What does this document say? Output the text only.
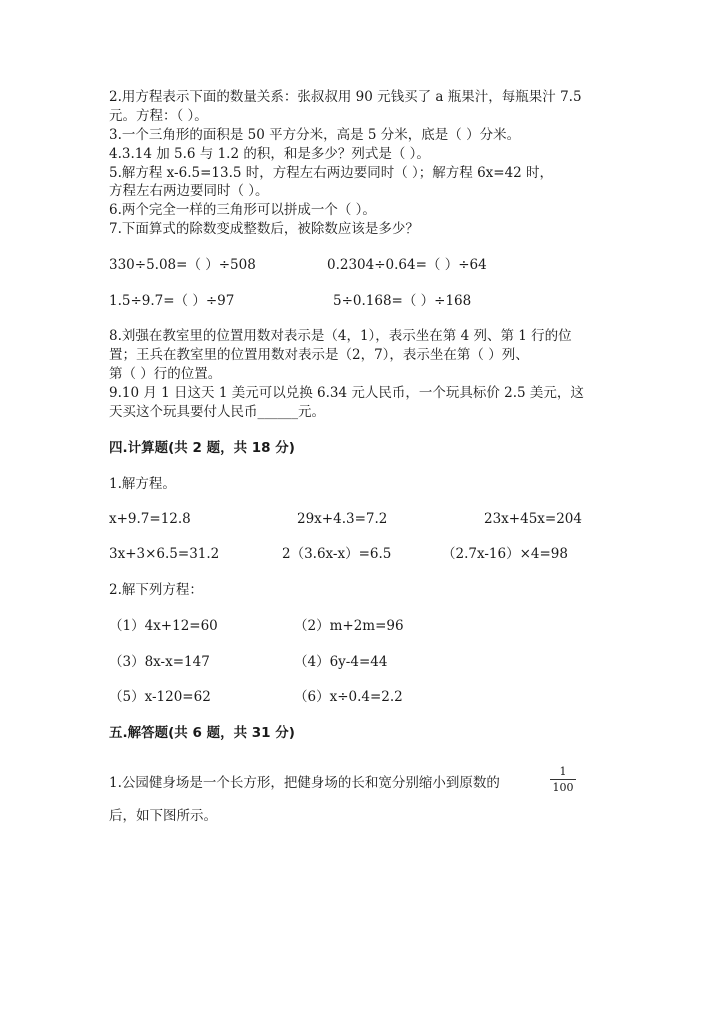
2.用方程表示下面的数量关系：张叔叔用 90 元钱买了 a 瓶果汁，每瓶果汁 7.5
元。方程：（ ）。
3.一个三角形的面积是 50 平方分米，高是 5 分米，底是（ ）分米。
4.3.14 加 5.6 与 1.2 的积，和是多少？列式是（ ）。
5.解方程 x-6.5=13.5 时，方程左右两边要同时（ ）；解方程 6x=42 时，
方程左右两边要同时（ ）。
6.两个完全一样的三角形可以拼成一个（ ）。
7.下面算式的除数变成整数后，被除数应该是多少？
330÷5.08=（ ）÷508	0.2304÷0.64=（ ）÷64
1.5÷9.7=（ ）÷97	5÷0.168=（ ）÷168
8.刘强在教室里的位置用数对表示是（4，1），表示坐在第 4 列、第 1 行的位
置；王兵在教室里的位置用数对表示是（2，7），表示坐在第（ ）列、
第（ ）行的位置。
9.10 月 1 日这天 1 美元可以兑换 6.34 元人民币，一个玩具标价 2.5 美元，这
天买这个玩具要付人民币______元。
四.计算题(共 2 题，共 18 分)
1.解方程。
x+9.7=12.8	29x+4.3=7.2	23x+45x=204
3x+3×6.5=31.2	2（3.6x-x）=6.5	（2.7x-16）×4=98
2.解下列方程：
（1）4x+12=60	（2）m+2m=96
（3）8x-x=147	（4）6y-4=44
（5）x-120=62	（6）x÷0.4=2.2
五.解答题(共 6 题，共 31 分)
1.公园健身场是一个长方形，把健身场的长和宽分别缩小到原数的
1
100
后，如下图所示。
